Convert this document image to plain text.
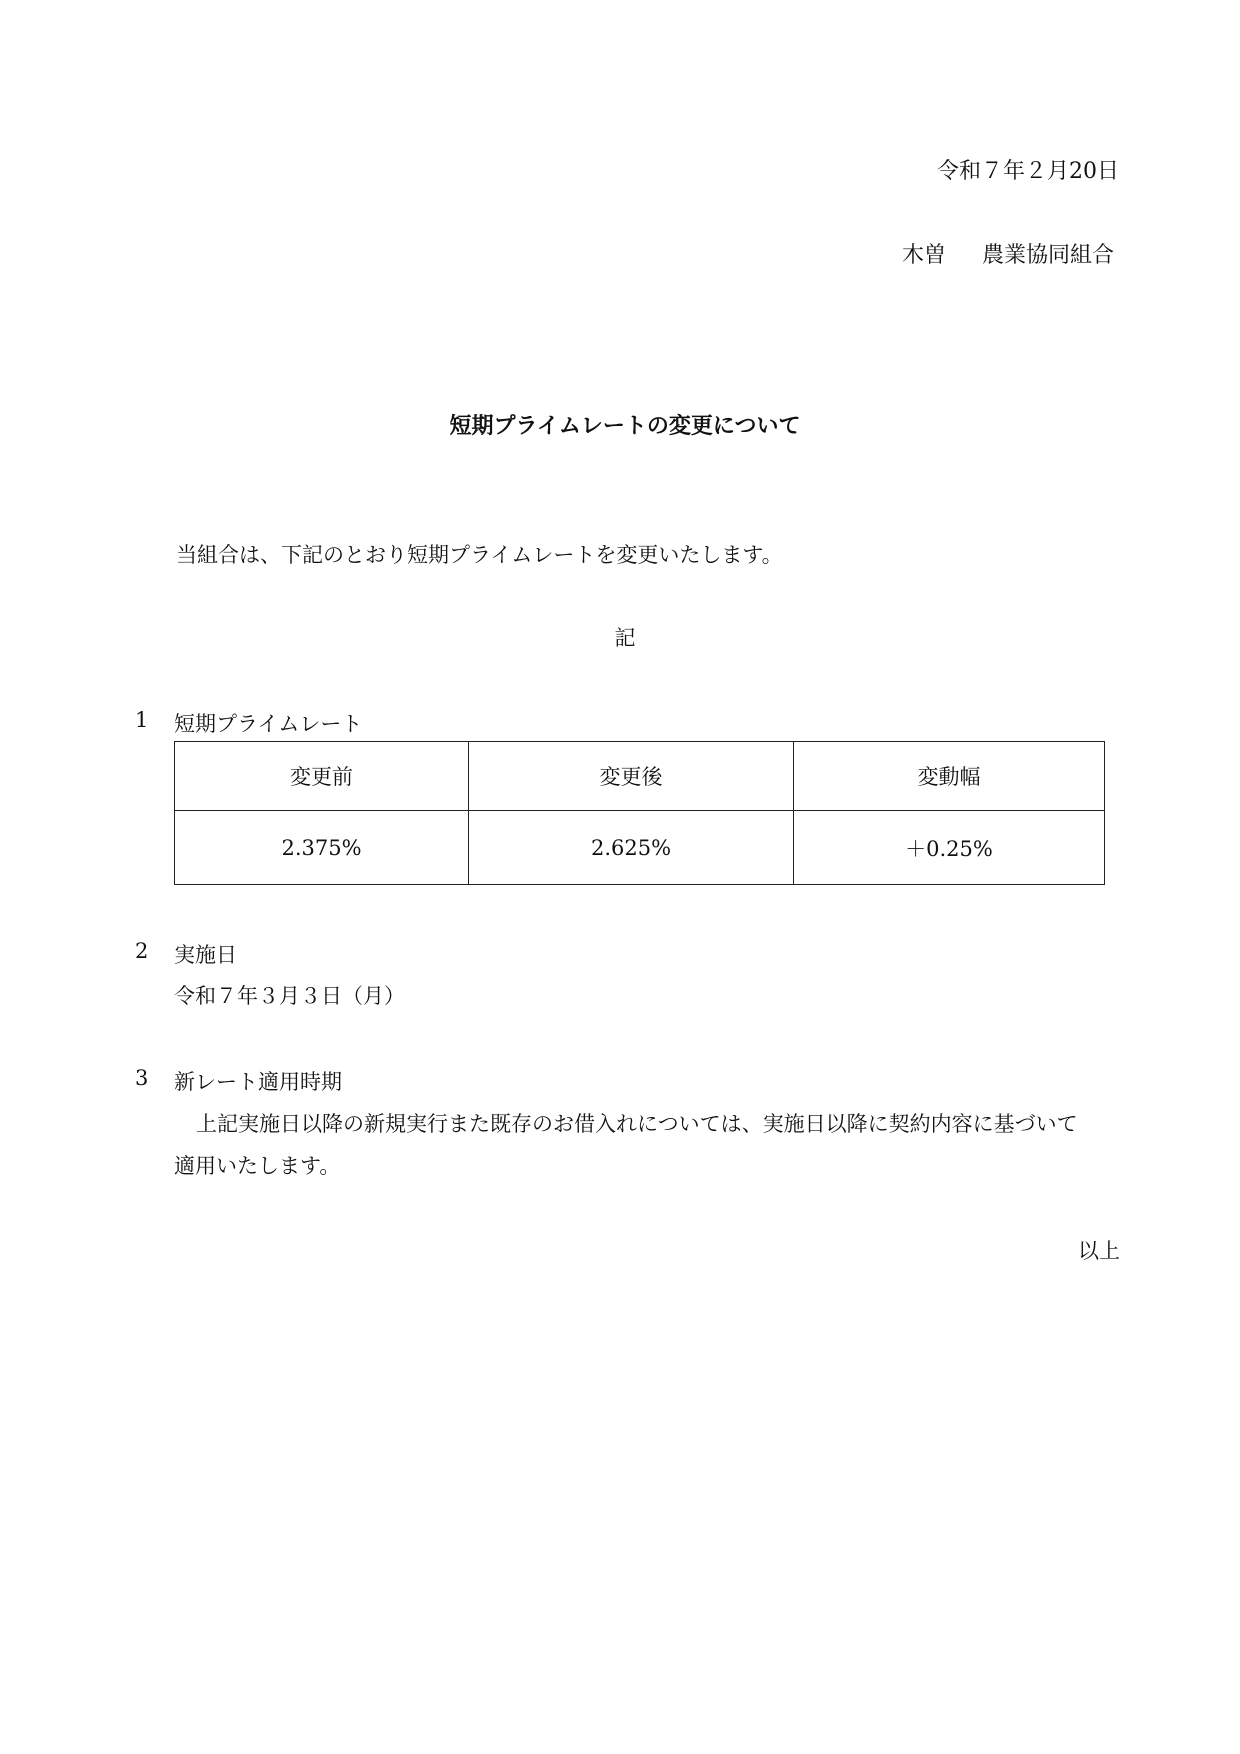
令和７年２月20日
木曽 農業協同組合
短期プライムレートの変更について
当組合は、下記のとおり短期プライムレートを変更いたします。
記
1 短期プライムレート
変更前	変更後	変動幅
2.375%	2.625%	＋0.25%
2 実施日
令和７年３月３日（月）
3 新レート適用時期
上記実施日以降の新規実行また既存のお借入れについては、実施日以降に契約内容に基づいて
適用いたします。
以上
